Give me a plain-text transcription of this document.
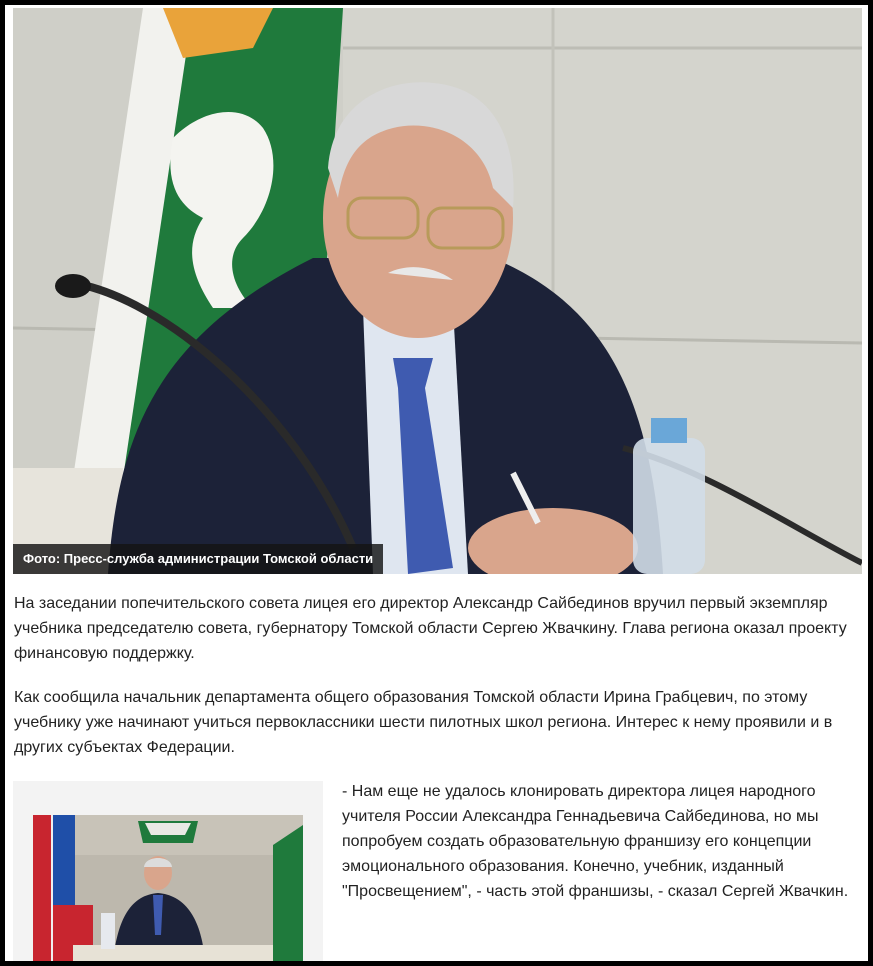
Фото: Пресс-служба администрации Томской области

На заседании попечительского совета лицея его директор Александр Сайбединов вручил первый экземпляр учебника председателю совета, губернатору Томской области Сергею Жвачкину. Глава региона оказал проекту финансовую поддержку.

Как сообщила начальник департамента общего образования Томской области Ирина Грабцевич, по этому учебнику уже начинают учиться первоклассники шести пилотных школ региона. Интерес к нему проявили и в других субъектах Федерации.

- Нам еще не удалось клонировать директора лицея народного учителя России Александра Геннадьевича Сайбединова, но мы попробуем создать образовательную франшизу его концепции эмоционального образования. Конечно, учебник, изданный "Просвещением", - часть этой франшизы, - сказал Сергей Жвачкин.
